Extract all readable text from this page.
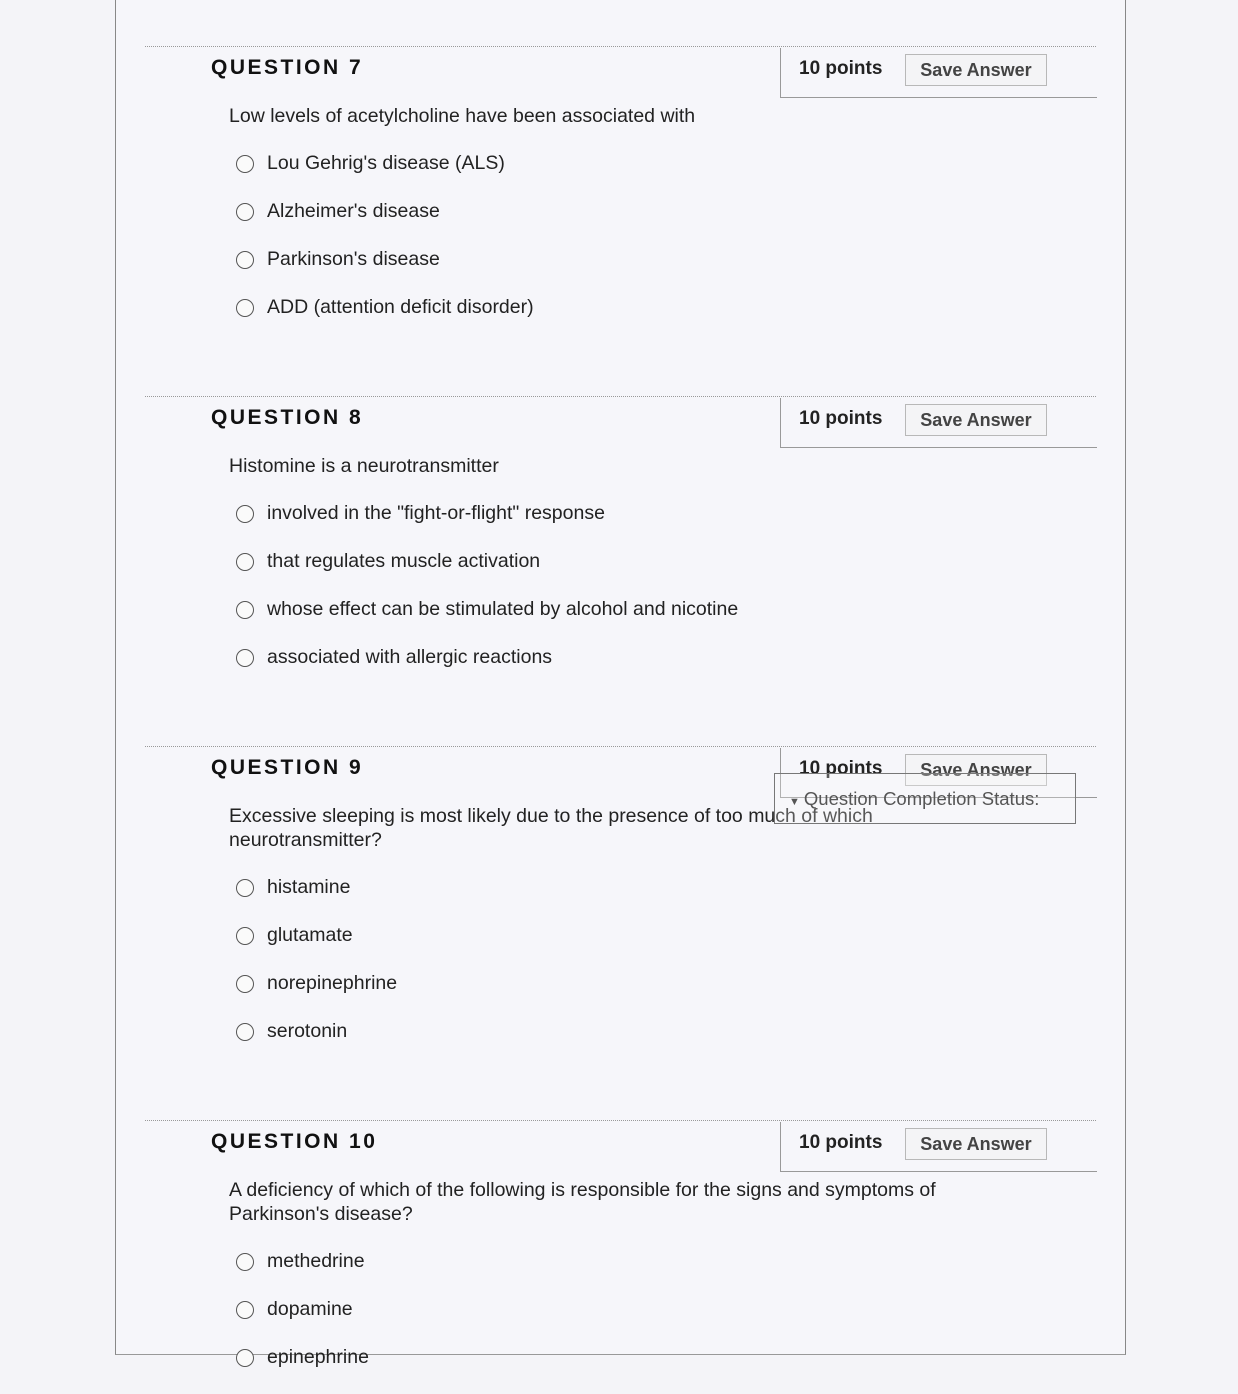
QUESTION 7	10 points	Save Answer
Low levels of acetylcholine have been associated with
Lou Gehrig's disease (ALS)
Alzheimer's disease
Parkinson's disease
ADD (attention deficit disorder)
QUESTION 8	10 points	Save Answer
Histomine is a neurotransmitter
involved in the "fight-or-flight" response
that regulates muscle activation
whose effect can be stimulated by alcohol and nicotine
associated with allergic reactions
QUESTION 9	10 points	Save Answer
Excessive sleeping is most likely due to the presence of too much of which
neurotransmitter?
histamine
glutamate
norepinephrine
serotonin
QUESTION 10	10 points	Save Answer
A deficiency of which of the following is responsible for the signs and symptoms of
Parkinson's disease?
methedrine
dopamine
epinephrine
▼ Question Completion Status:
